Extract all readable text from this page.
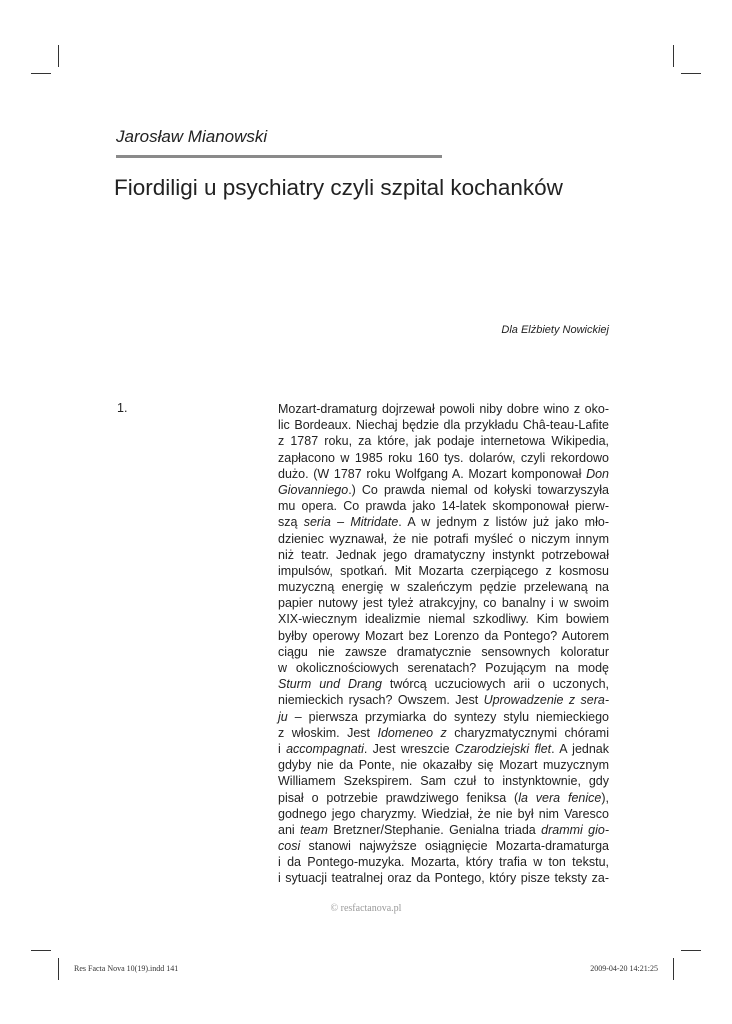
Jarosław Mianowski
Fiordiligi u psychiatry czyli szpital kochanków
Dla Elżbiety Nowickiej
1.	Mozart-dramaturg dojrzewał powoli niby dobre wino z oko-
lic Bordeaux. Niechaj będzie dla przykładu Châ-teau-Lafite
z 1787 roku, za które, jak podaje internetowa Wikipedia,
zapłacono w 1985 roku 160 tys. dolarów, czyli rekordowo
dużo. (W 1787 roku Wolfgang A. Mozart komponował Don
Giovanniego.) Co prawda niemal od kołyski towarzyszyła
mu opera. Co prawda jako 14-latek skomponował pierw-
szą seria – Mitridate. A w jednym z listów już jako mło-
dzieniec wyznawał, że nie potrafi myśleć o niczym innym
niż teatr. Jednak jego dramatyczny instynkt potrzebował
impulsów, spotkań. Mit Mozarta czerpiącego z kosmosu
muzyczną energię w szaleńczym pędzie przelewaną na
papier nutowy jest tyleż atrakcyjny, co banalny i w swoim
XIX-wiecznym idealizmie niemal szkodliwy. Kim bowiem
byłby operowy Mozart bez Lorenzo da Pontego? Autorem
ciągu nie zawsze dramatycznie sensownych koloratur
w okolicznościowych serenatach? Pozującym na modę
Sturm und Drang twórcą uczuciowych arii o uczonych,
niemieckich rysach? Owszem. Jest Uprowadzenie z sera-
ju – pierwsza przymiarka do syntezy stylu niemieckiego
z włoskim. Jest Idomeneo z charyzmatycznymi chórami
i accompagnati. Jest wreszcie Czarodziejski flet. A jednak
gdyby nie da Ponte, nie okazałby się Mozart muzycznym
Williamem Szekspirem. Sam czuł to instynktownie, gdy
pisał o potrzebie prawdziwego feniksa (la vera fenice),
godnego jego charyzmy. Wiedział, że nie był nim Varesco
ani team Bretzner/Stephanie. Genialna triada drammi gio-
cosi stanowi najwyższe osiągnięcie Mozarta-dramaturga
i da Pontego-muzyka. Mozarta, który trafia w ton tekstu,
i sytuacji teatralnej oraz da Pontego, który pisze teksty za-
© resfactanova.pl
Res Facta Nova 10(19).indd 141	2009-04-20 14:21:25
